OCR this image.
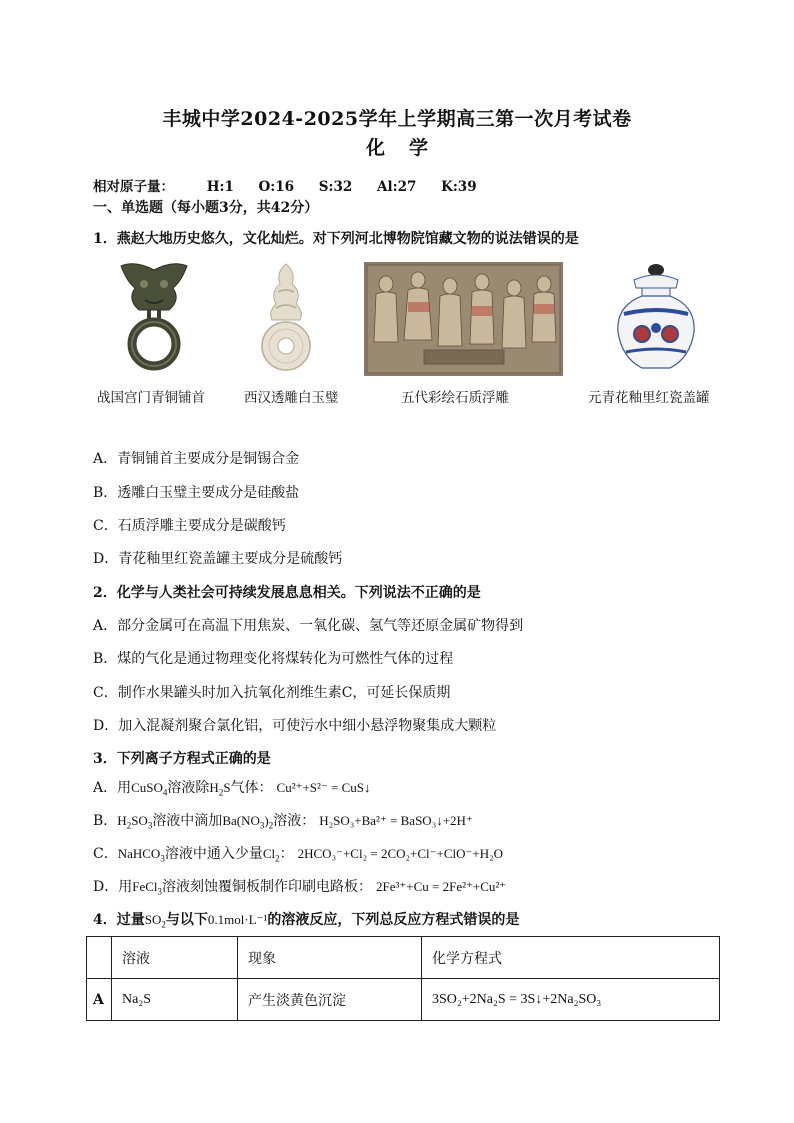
丰城中学2024-2025学年上学期高三第一次月考试卷
化 学
相对原子量： H:1 O:16 S:32 Al:27 K:39
一、单选题（每小题3分，共42分）
1．燕赵大地历史悠久，文化灿烂。对下列河北博物院馆藏文物的说法错误的是
战国宫门青铜铺首	西汉透雕白玉璧	五代彩绘石质浮雕	元青花釉里红瓷盖罐
A．青铜铺首主要成分是铜锡合金
B．透雕白玉璧主要成分是硅酸盐
C．石质浮雕主要成分是碳酸钙
D．青花釉里红瓷盖罐主要成分是硫酸钙
2．化学与人类社会可持续发展息息相关。下列说法不正确的是
A．部分金属可在高温下用焦炭、一氧化碳、氢气等还原金属矿物得到
B．煤的气化是通过物理变化将煤转化为可燃性气体的过程
C．制作水果罐头时加入抗氧化剂维生素C，可延长保质期
D．加入混凝剂聚合氯化铝，可使污水中细小悬浮物聚集成大颗粒
3．下列离子方程式正确的是
A．用CuSO$_4$溶液除$H_2S$气体： Cu²⁺+S²⁻ = CuS↓
B．$H_2SO_3$溶液中滴加$Ba(NO_3)_2$溶液： H₂SO₃+Ba²⁺ = BaSO₃↓+2H⁺
C．NaHCO$_3$溶液中通入少量$Cl_2$： 2HCO₃⁻+Cl₂ = 2CO₂+Cl⁻+ClO⁻+H₂O
D．用FeCl$_3$溶液刻蚀覆铜板制作印刷电路板： 2Fe³⁺+Cu = 2Fe²⁺+Cu²⁺
4．过量$SO_2$与以下0.1mol·L⁻¹的溶液反应，下列总反应方程式错误的是
	溶液	现象	化学方程式
A	Na₂S	产生淡黄色沉淀	3SO₂+2Na₂S = 3S↓+2Na₂SO₃
